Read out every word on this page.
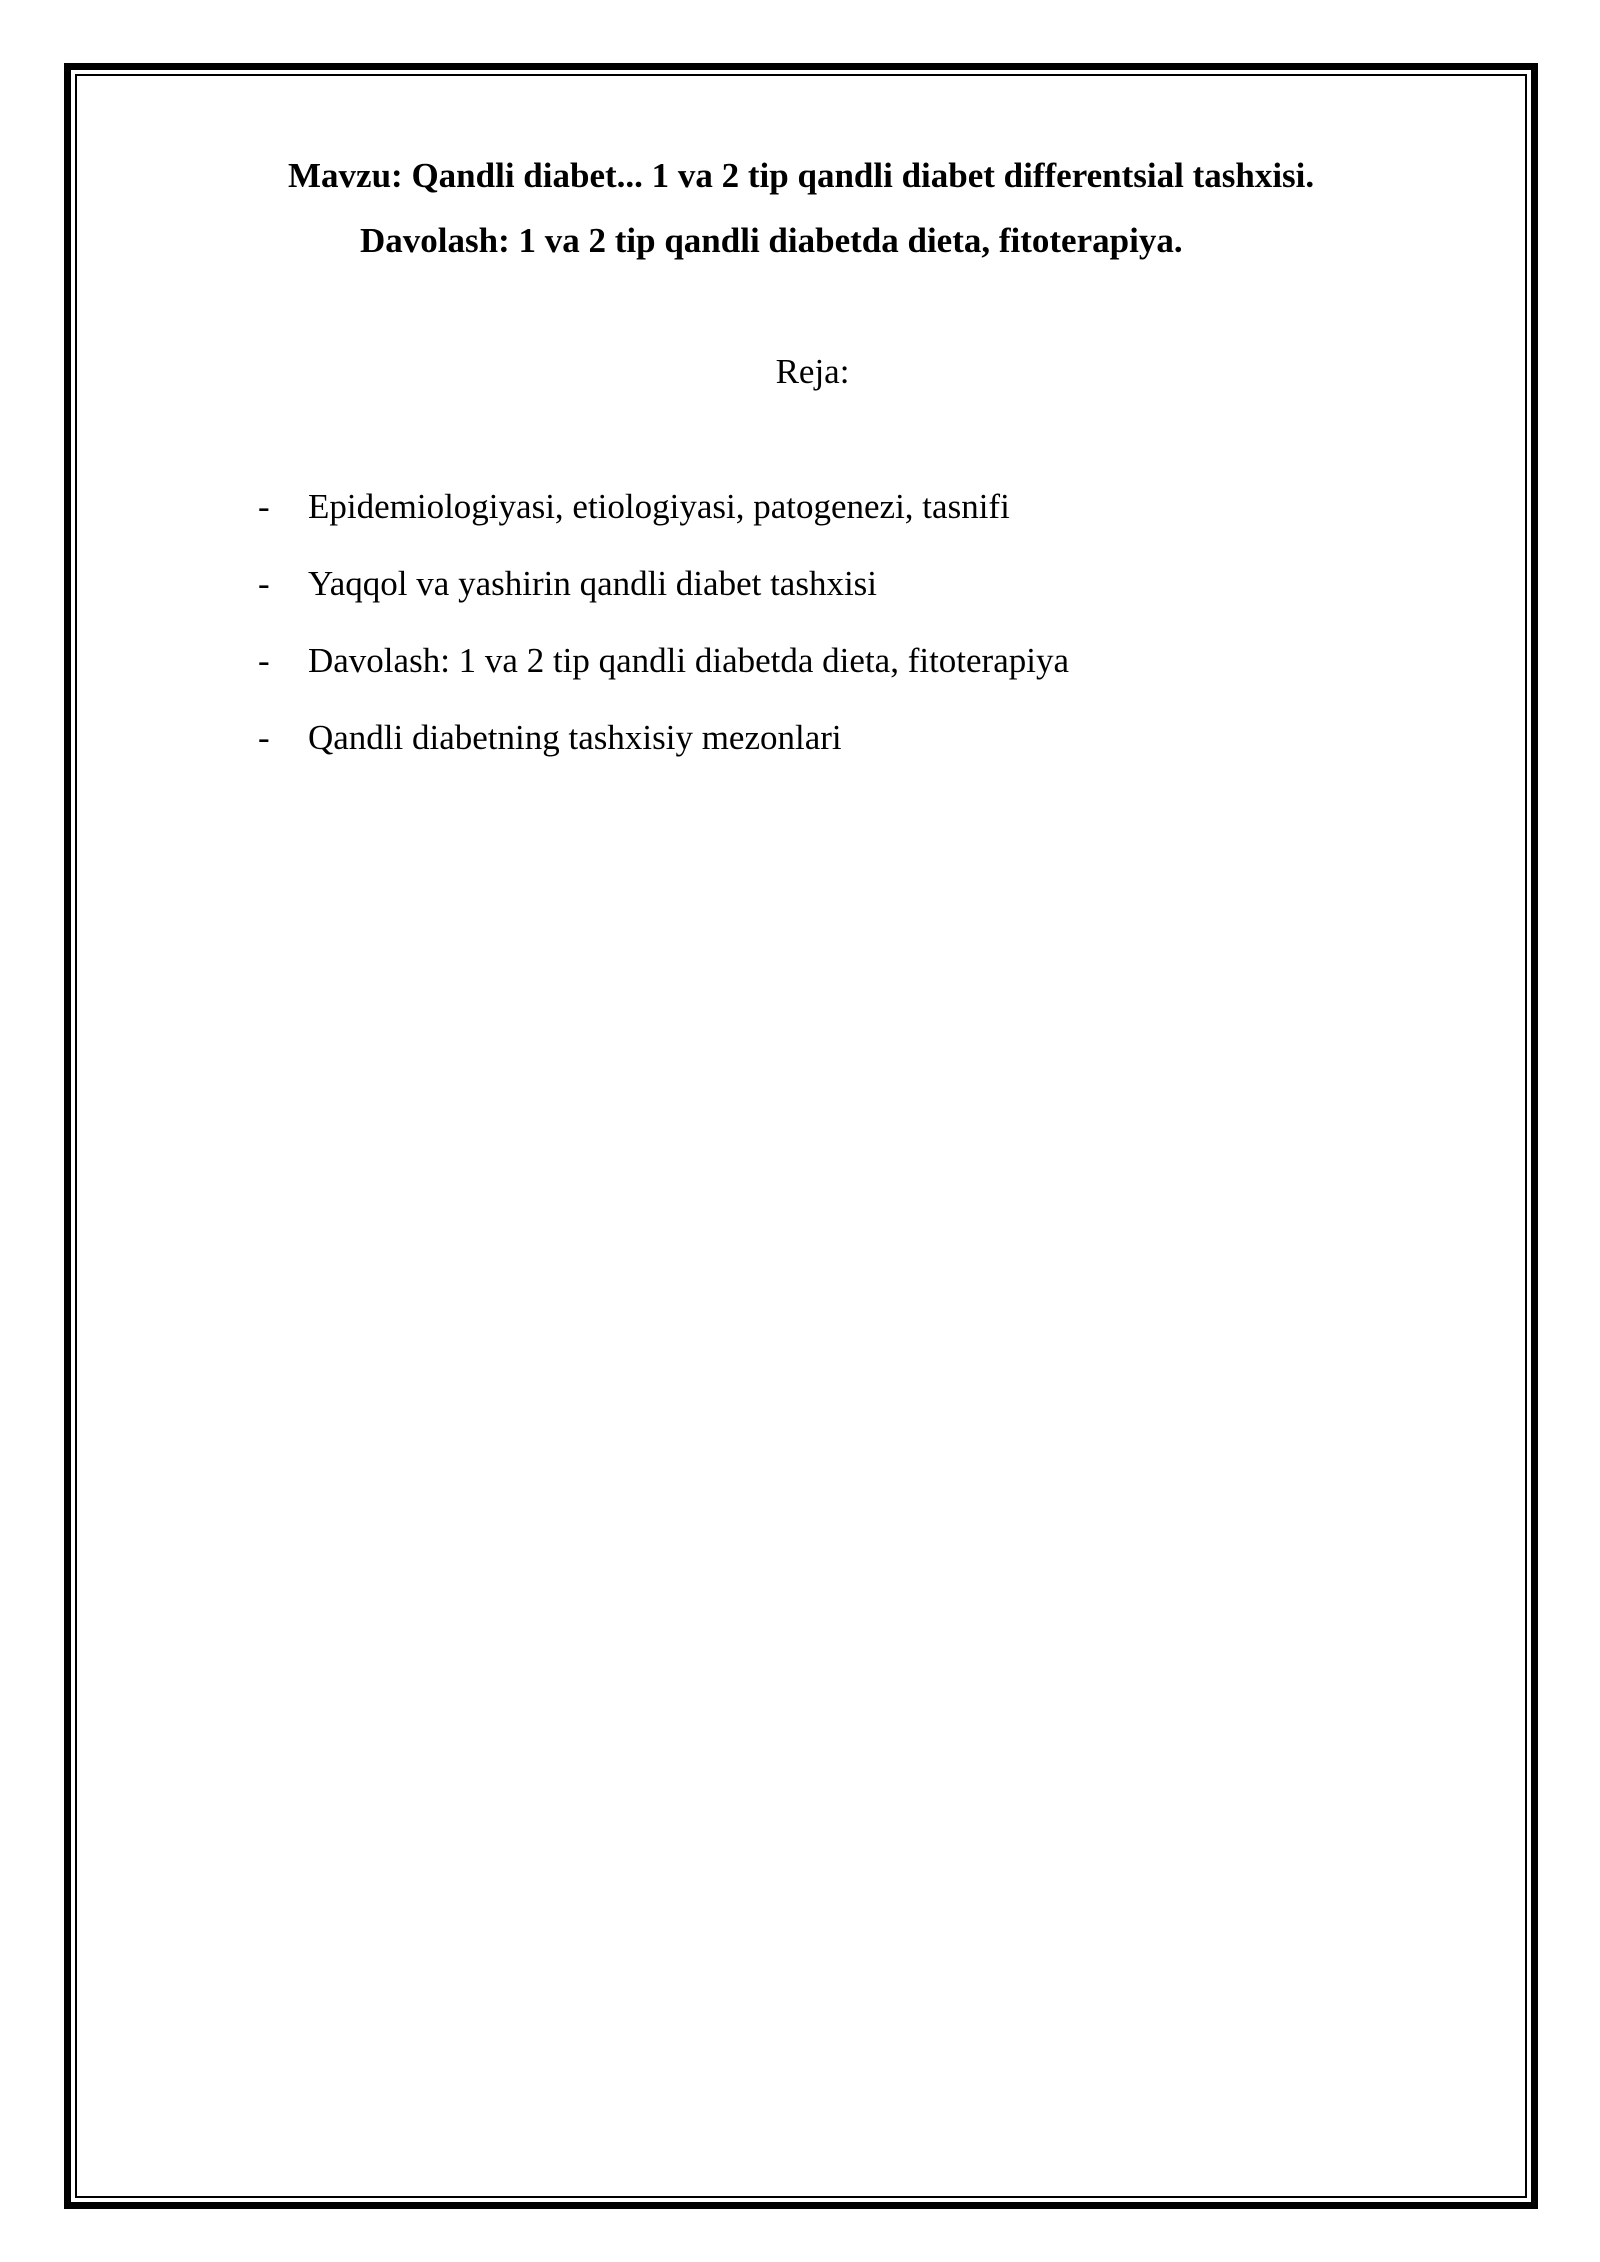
Mavzu: Qandli diabet... 1 va 2 tip qandli diabet differentsial tashxisi.
Davolash: 1 va 2 tip qandli diabetda dieta, fitoterapiya.
Reja:
-	Epidemiologiyasi, etiologiyasi, patogenezi, tasnifi
-	Yaqqol va yashirin qandli diabet tashxisi
-	Davolash: 1 va 2 tip qandli diabetda dieta, fitoterapiya
-	Qandli diabetning tashxisiy mezonlari
